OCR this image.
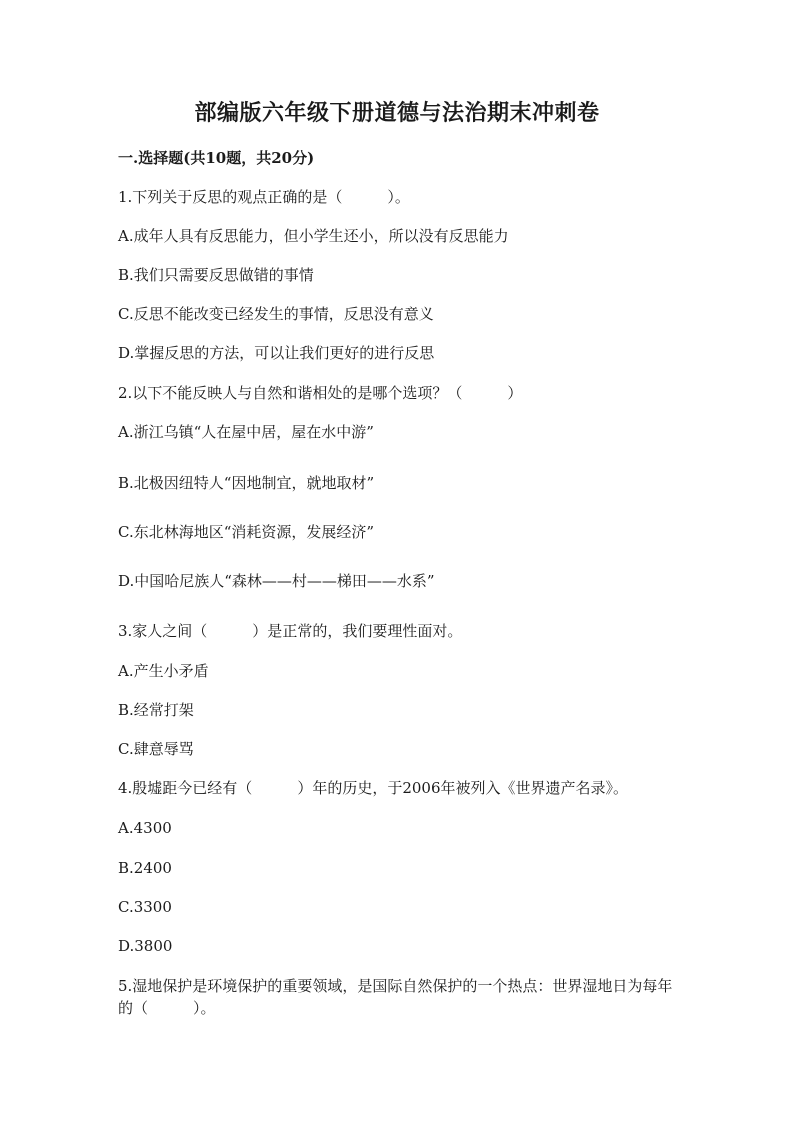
部编版六年级下册道德与法治期末冲刺卷
一.选择题(共10题，共20分)
1.下列关于反思的观点正确的是（　　　）。
A.成年人具有反思能力，但小学生还小，所以没有反思能力
B.我们只需要反思做错的事情
C.反思不能改变已经发生的事情，反思没有意义
D.掌握反思的方法，可以让我们更好的进行反思
2.以下不能反映人与自然和谐相处的是哪个选项？（　　　）
A.浙江乌镇“人在屋中居，屋在水中游”
B.北极因纽特人“因地制宜，就地取材”
C.东北林海地区“消耗资源，发展经济”
D.中国哈尼族人“森林——村——梯田——水系”
3.家人之间（　　　）是正常的，我们要理性面对。
A.产生小矛盾
B.经常打架
C.肆意辱骂
4.殷墟距今已经有（　　　）年的历史，于2006年被列入《世界遗产名录》。
A.4300
B.2400
C.3300
D.3800
5.湿地保护是环境保护的重要领域，是国际自然保护的一个热点：世界湿地日为每年的（　　　）。
